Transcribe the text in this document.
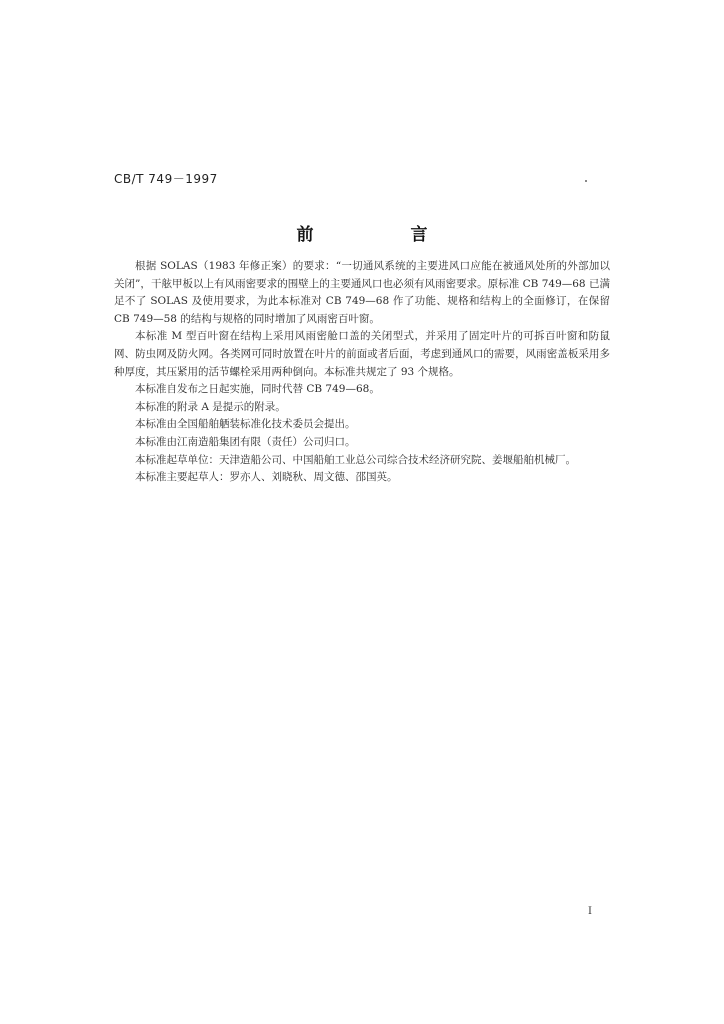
CB/T 749－1997
前　言

根据 SOLAS（1983 年修正案）的要求：“一切通风系统的主要进风口应能在被通风处所的外部加以关闭”，干舷甲板以上有风雨密要求的围壁上的主要通风口也必须有风雨密要求。原标准 CB 749—68 已满足不了 SOLAS 及使用要求，为此本标准对 CB 749—68 作了功能、规格和结构上的全面修订，在保留 CB 749—58 的结构与规格的同时增加了风雨密百叶窗。

本标准 M 型百叶窗在结构上采用风雨密舱口盖的关闭型式，并采用了固定叶片的可拆百叶窗和防鼠网、防虫网及防火网。各类网可同时放置在叶片的前面或者后面，考虑到通风口的需要，风雨密盖板采用多种厚度，其压紧用的活节螺栓采用两种倒向。本标准共规定了 93 个规格。

本标准自发布之日起实施，同时代替 CB 749—68。

本标准的附录 A 是提示的附录。

本标准由全国船舶舾装标准化技术委员会提出。

本标准由江南造船集团有限（责任）公司归口。

本标准起草单位：天津造船公司、中国船舶工业总公司综合技术经济研究院、姜堰船舶机械厂。

本标准主要起草人：罗亦人、刘晓秋、周文德、邵国英。

I
